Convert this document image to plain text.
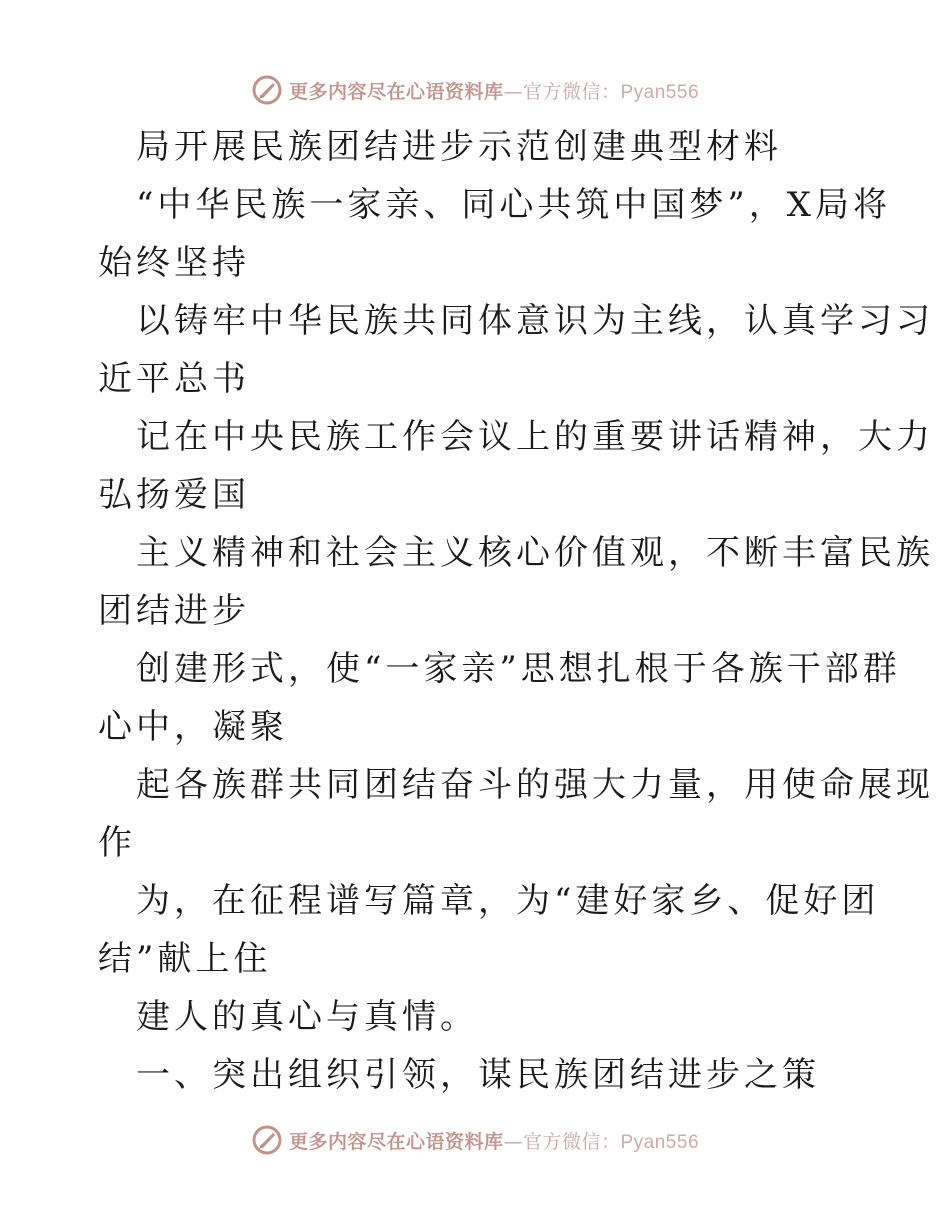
更多内容尽在心语资料库—官方微信：Pyan556
局开展民族团结进步示范创建典型材料
“中华民族一家亲、同心共筑中国梦”，X局将
始终坚持
以铸牢中华民族共同体意识为主线，认真学习习
近平总书
记在中央民族工作会议上的重要讲话精神，大力
弘扬爱国
主义精神和社会主义核心价值观，不断丰富民族
团结进步
创建形式，使“一家亲”思想扎根于各族干部群
心中，凝聚
起各族群共同团结奋斗的强大力量，用使命展现
作
为，在征程谱写篇章，为“建好家乡、促好团
结”献上住
建人的真心与真情。
一、突出组织引领，谋民族团结进步之策
更多内容尽在心语资料库—官方微信：Pyan556
